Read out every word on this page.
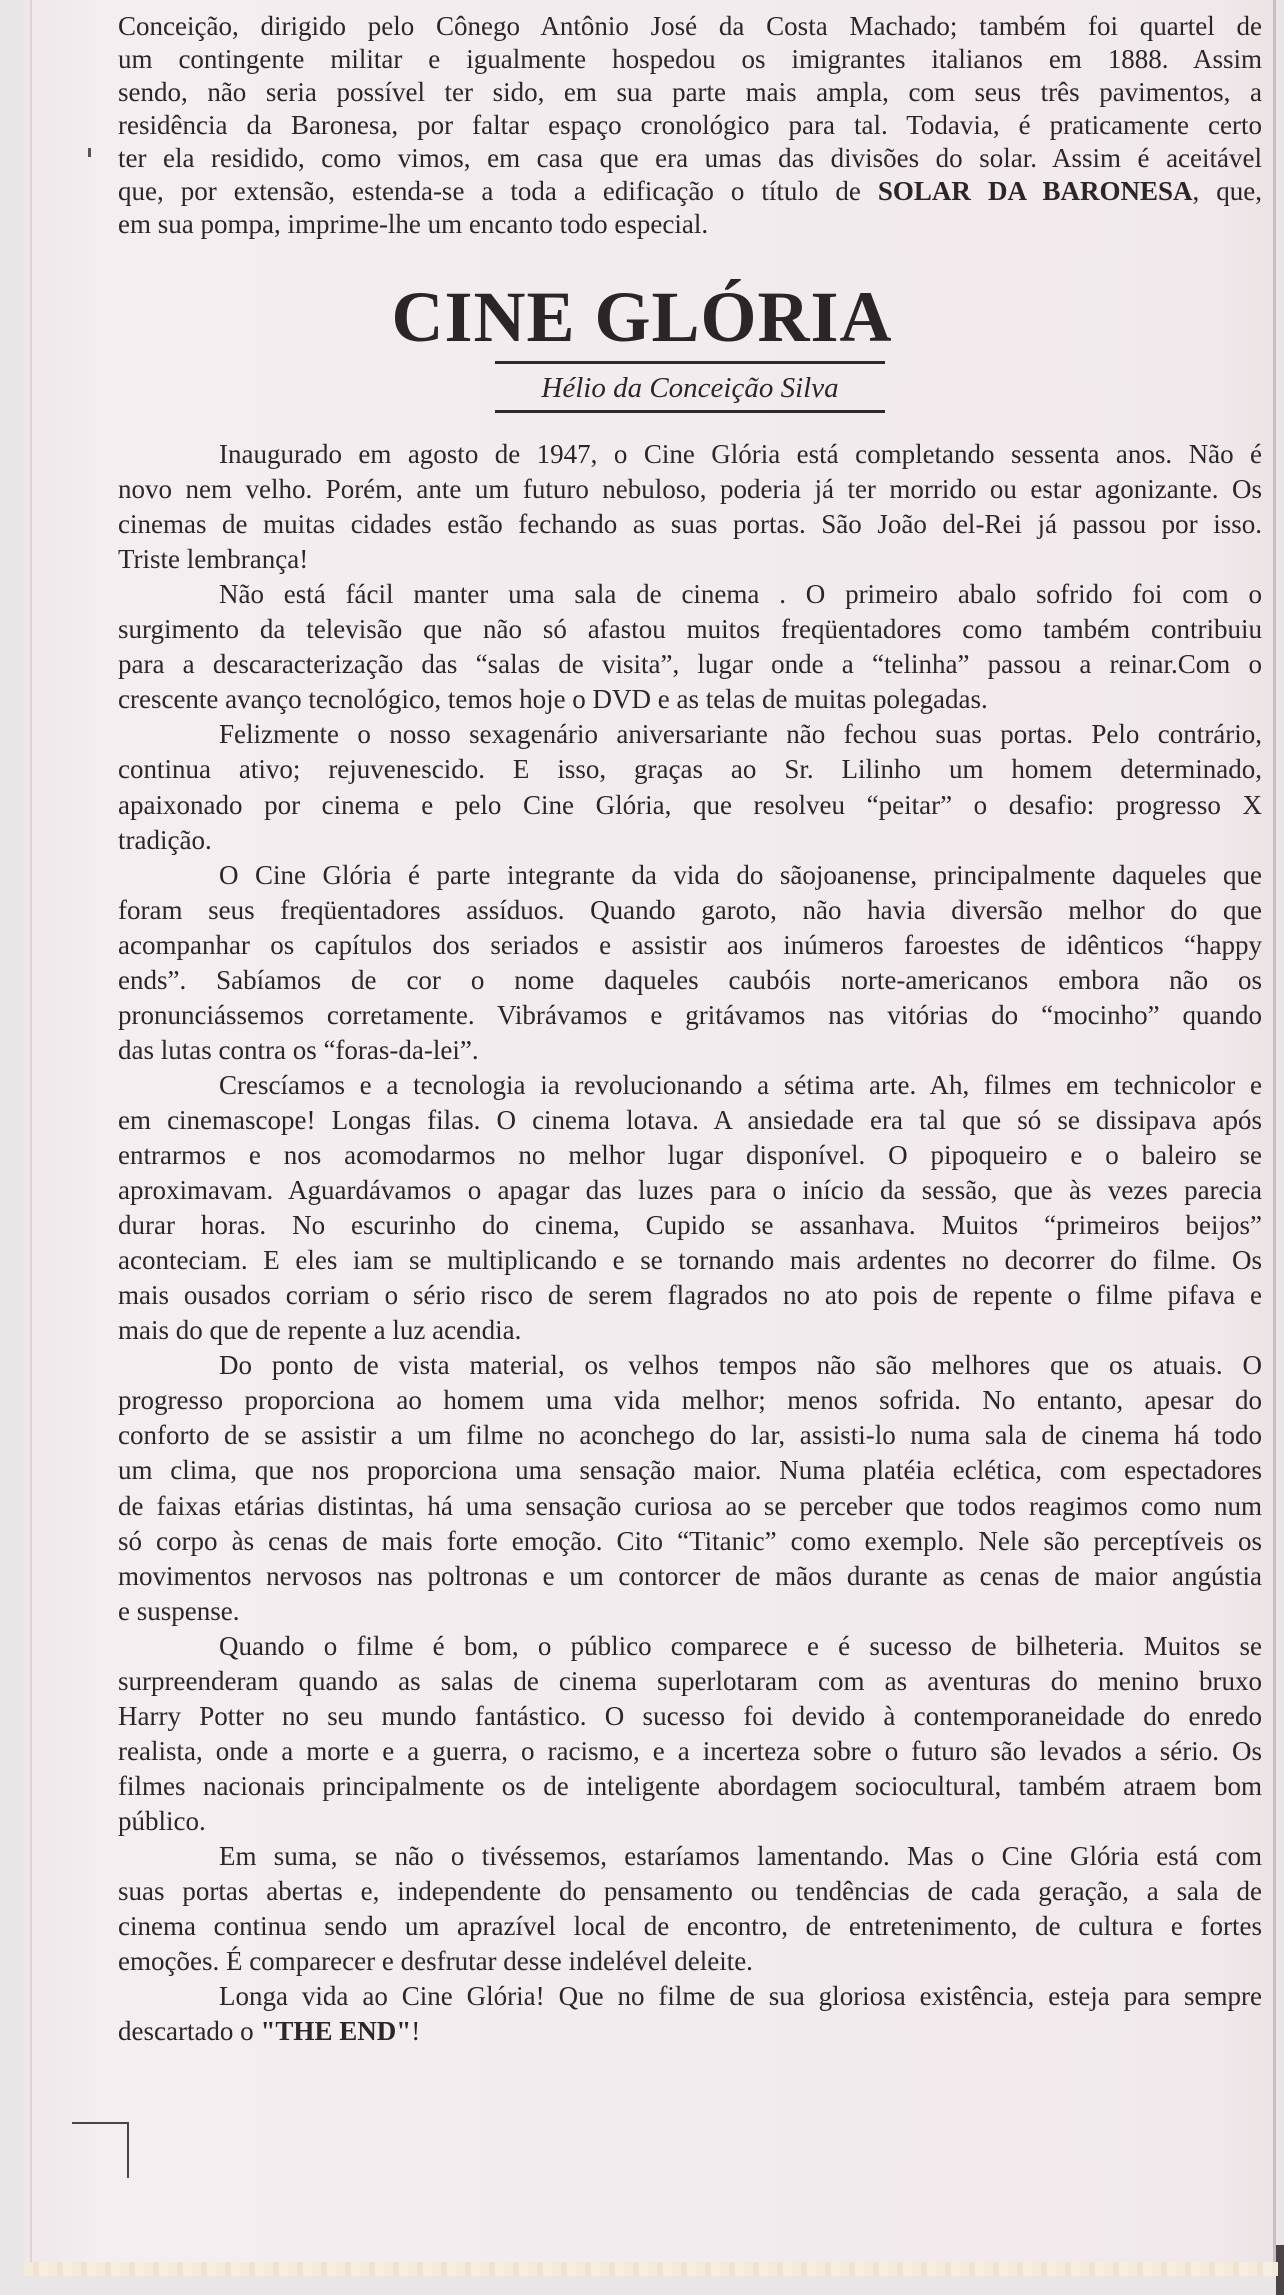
Conceição, dirigido pelo Cônego Antônio José da Costa Machado; também foi quartel de
um contingente militar e igualmente hospedou os imigrantes italianos em 1888. Assim
sendo, não seria possível ter sido, em sua parte mais ampla, com seus três pavimentos, a
residência da Baronesa, por faltar espaço cronológico para tal. Todavia, é praticamente certo
ter ela residido, como vimos, em casa que era umas das divisões do solar. Assim é aceitável
que, por extensão, estenda-se a toda a edificação o título de SOLAR DA BARONESA, que,
em sua pompa, imprime-lhe um encanto todo especial.
CINE GLÓRIA
Hélio da Conceição Silva
Inaugurado em agosto de 1947, o Cine Glória está completando sessenta anos. Não é
novo nem velho. Porém, ante um futuro nebuloso, poderia já ter morrido ou estar agonizante. Os
cinemas de muitas cidades estão fechando as suas portas. São João del-Rei já passou por isso.
Triste lembrança!
Não está fácil manter uma sala de cinema . O primeiro abalo sofrido foi com o
surgimento da televisão que não só afastou muitos freqüentadores como também contribuiu
para a descaracterização das “salas de visita”, lugar onde a “telinha” passou a reinar.Com o
crescente avanço tecnológico, temos hoje o DVD e as telas de muitas polegadas.
Felizmente o nosso sexagenário aniversariante não fechou suas portas. Pelo contrário,
continua ativo; rejuvenescido. E isso, graças ao Sr. Lilinho um homem determinado,
apaixonado por cinema e pelo Cine Glória, que resolveu “peitar” o desafio: progresso X
tradição.
O Cine Glória é parte integrante da vida do sãojoanense, principalmente daqueles que
foram seus freqüentadores assíduos. Quando garoto, não havia diversão melhor do que
acompanhar os capítulos dos seriados e assistir aos inúmeros faroestes de idênticos “happy
ends”. Sabíamos de cor o nome daqueles caubóis norte-americanos embora não os
pronunciássemos corretamente. Vibrávamos e gritávamos nas vitórias do “mocinho” quando
das lutas contra os “foras-da-lei”.
Crescíamos e a tecnologia ia revolucionando a sétima arte. Ah, filmes em technicolor e
em cinemascope! Longas filas. O cinema lotava. A ansiedade era tal que só se dissipava após
entrarmos e nos acomodarmos no melhor lugar disponível. O pipoqueiro e o baleiro se
aproximavam. Aguardávamos o apagar das luzes para o início da sessão, que às vezes parecia
durar horas. No escurinho do cinema, Cupido se assanhava. Muitos “primeiros beijos”
aconteciam. E eles iam se multiplicando e se tornando mais ardentes no decorrer do filme. Os
mais ousados corriam o sério risco de serem flagrados no ato pois de repente o filme pifava e
mais do que de repente a luz acendia.
Do ponto de vista material, os velhos tempos não são melhores que os atuais. O
progresso proporciona ao homem uma vida melhor; menos sofrida. No entanto, apesar do
conforto de se assistir a um filme no aconchego do lar, assisti-lo numa sala de cinema há todo
um clima, que nos proporciona uma sensação maior. Numa platéia eclética, com espectadores
de faixas etárias distintas, há uma sensação curiosa ao se perceber que todos reagimos como num
só corpo às cenas de mais forte emoção. Cito “Titanic” como exemplo. Nele são perceptíveis os
movimentos nervosos nas poltronas e um contorcer de mãos durante as cenas de maior angústia
e suspense.
Quando o filme é bom, o público comparece e é sucesso de bilheteria. Muitos se
surpreenderam quando as salas de cinema superlotaram com as aventuras do menino bruxo
Harry Potter no seu mundo fantástico. O sucesso foi devido à contemporaneidade do enredo
realista, onde a morte e a guerra, o racismo, e a incerteza sobre o futuro são levados a sério. Os
filmes nacionais principalmente os de inteligente abordagem sociocultural, também atraem bom
público.
Em suma, se não o tivéssemos, estaríamos lamentando. Mas o Cine Glória está com
suas portas abertas e, independente do pensamento ou tendências de cada geração, a sala de
cinema continua sendo um aprazível local de encontro, de entretenimento, de cultura e fortes
emoções. É comparecer e desfrutar desse indelével deleite.
Longa vida ao Cine Glória! Que no filme de sua gloriosa existência, esteja para sempre
descartado o "THE END"!
